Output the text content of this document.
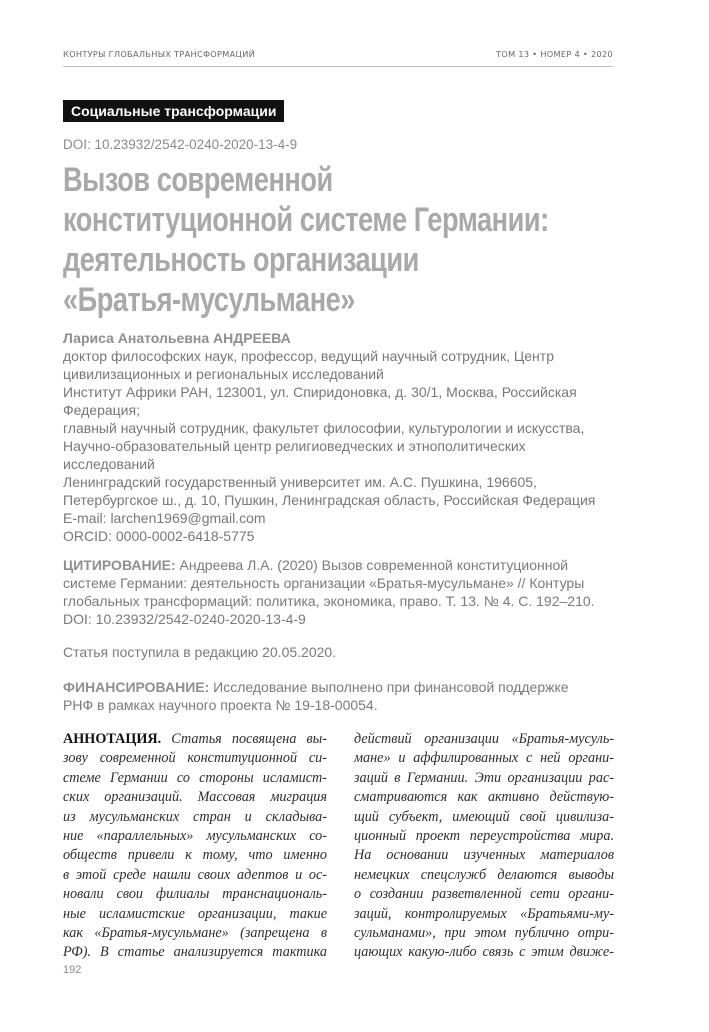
КОНТУРЫ ГЛОБАЛЬНЫХ ТРАНСФОРМАЦИЙ	ТОМ 13 • НОМЕР 4 • 2020
Социальные трансформации
DOI: 10.23932/2542-0240-2020-13-4-9
Вызов современной
конституционной системе Германии:
деятельность организации
«Братья-мусульмане»
Лариса Анатольевна АНДРЕЕВА
доктор философских наук, профессор, ведущий научный сотрудник, Центр
цивилизационных и региональных исследований
Институт Африки РАН, 123001, ул. Спиридоновка, д. 30/1, Москва, Российская
Федерация;
главный научный сотрудник, факультет философии, культурологии и искусства,
Научно-образовательный центр религиоведческих и этнополитических
исследований
Ленинградский государственный университет им. А.С. Пушкина, 196605,
Петербургское ш., д. 10, Пушкин, Ленинградская область, Российская Федерация
E-mail: larchen1969@gmail.com
ORCID: 0000-0002-6418-5775
ЦИТИРОВАНИЕ: Андреева Л.А. (2020) Вызов современной конституционной
системе Германии: деятельность организации «Братья-мусульмане» // Контуры
глобальных трансформаций: политика, экономика, право. Т. 13. № 4. С. 192–210.
DOI: 10.23932/2542-0240-2020-13-4-9
Статья поступила в редакцию 20.05.2020.
ФИНАНСИРОВАНИЕ: Исследование выполнено при финансовой поддержке
РНФ в рамках научного проекта № 19-18-00054.
АННОТАЦИЯ. Статья посвящена вы-
зову современной конституционной си-
стеме Германии со стороны исламист-
ских организаций. Массовая миграция
из мусульманских стран и складыва-
ние «параллельных» мусульманских со-
обществ привели к тому, что именно
в этой среде нашли своих адептов и ос-
новали свои филиалы транснациональ-
ные исламистские организации, такие
как «Братья-мусульмане» (запрещена в
РФ). В статье анализируется тактика
действий организации «Братья-мусуль-
мане» и аффилированных с ней органи-
заций в Германии. Эти организации рас-
сматриваются как активно действую-
щий субъект, имеющий свой цивилиза-
ционный проект переустройства мира.
На основании изученных материалов
немецких спецслужб делаются выводы
о создании разветвленной сети органи-
заций, контролируемых «Братьями-му-
сульманами», при этом публично отри-
цающих какую-либо связь с этим движе-
192
